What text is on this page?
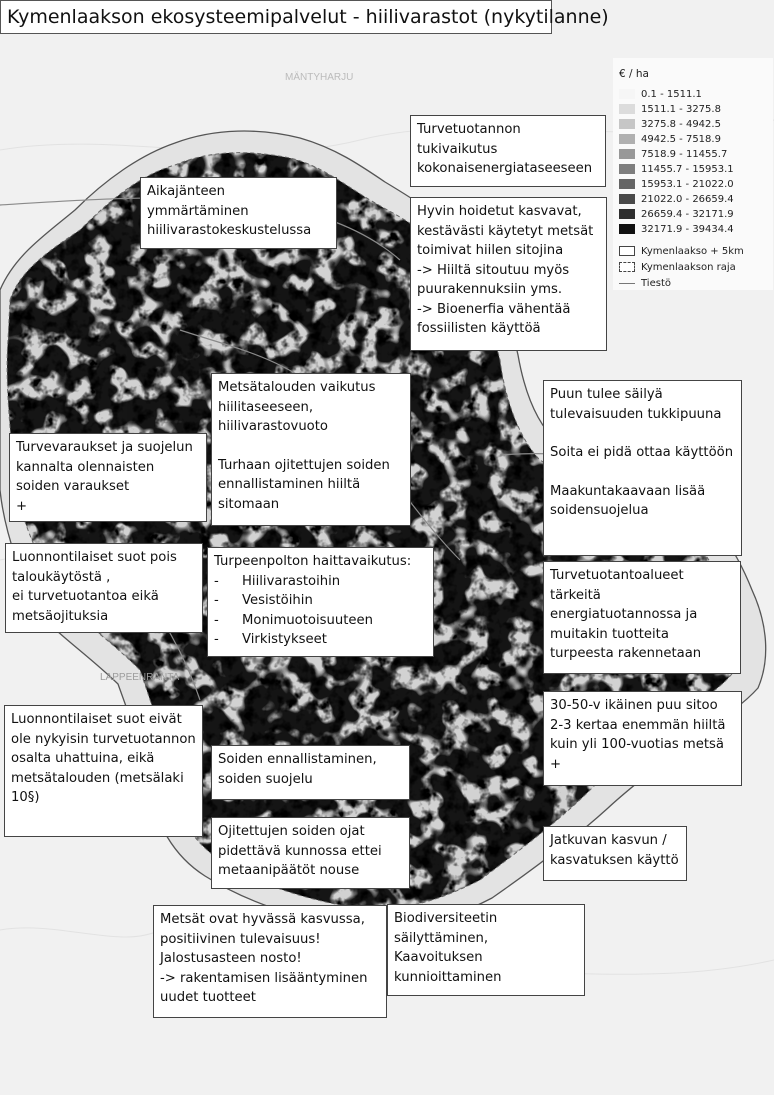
MÄNTYHARJU
LAPPEENRANTA
Kymenlaakson ekosysteemipalvelut - hiilivarastot (nykytilanne)
€ / ha
0.1 - 1511.1
1511.1 - 3275.8
3275.8 - 4942.5
4942.5 - 7518.9
7518.9 - 11455.7
11455.7 - 15953.1
15953.1 - 21022.0
21022.0 - 26659.4
26659.4 - 32171.9
32171.9 - 39434.4
Kymenlaakso + 5km
Kymenlaakson raja
Tiestö

Turvetuotannon tukivaikutus kokonaisenergiataseeseen

Aikajänteen ymmärtäminen hiilivarastokeskustelussa

Hyvin hoidetut kasvavat, kestävästi käytetyt metsät toimivat hiilen sitojina
-> Hiiltä sitoutuu myös puurakennuksiin yms.
-> Bioenerfia vähentää fossiilisten käyttöä

Metsätalouden vaikutus hiilitaseeseen, hiilivarastovuoto

Turhaan ojitettujen soiden ennallistaminen hiiltä sitomaan

Puun tulee säilyä tulevaisuuden tukkipuuna

Soita ei pidä ottaa käyttöön

Maakuntakaavaan lisää soidensuojelua

Turvevaraukset ja suojelun kannalta olennaisten soiden varaukset
+

Luonnontilaiset suot pois taloukäytöstä ,
ei turvetuotantoa eikä metsäojituksia

Turpeenpolton haittavaikutus:

- Hiilivarastoihin
- Vesistöihin
- Monimuotoisuuteen
- Virkistykseet

Turvetuotantoalueet tärkeitä energiatuotannossa ja muitakin tuotteita turpeesta rakennetaan

Luonnontilaiset suot eivät ole nykyisin turvetuotannon osalta uhattuina, eikä metsätalouden (metsälaki 10§)

30-50-v ikäinen puu sitoo 2-3 kertaa enemmän hiiltä kuin yli 100-vuotias metsä
+

Soiden ennallistaminen, soiden suojelu

Ojitettujen soiden ojat pidettävä kunnossa ettei metaanipäätöt nouse

Jatkuvan kasvun / kasvatuksen käyttö

Metsät ovat hyvässä kasvussa, positiivinen tulevaisuus!
Jalostusasteen nosto!
-> rakentamisen lisääntyminen uudet tuotteet

Biodiversiteetin säilyttäminen, Kaavoituksen kunnioittaminen
